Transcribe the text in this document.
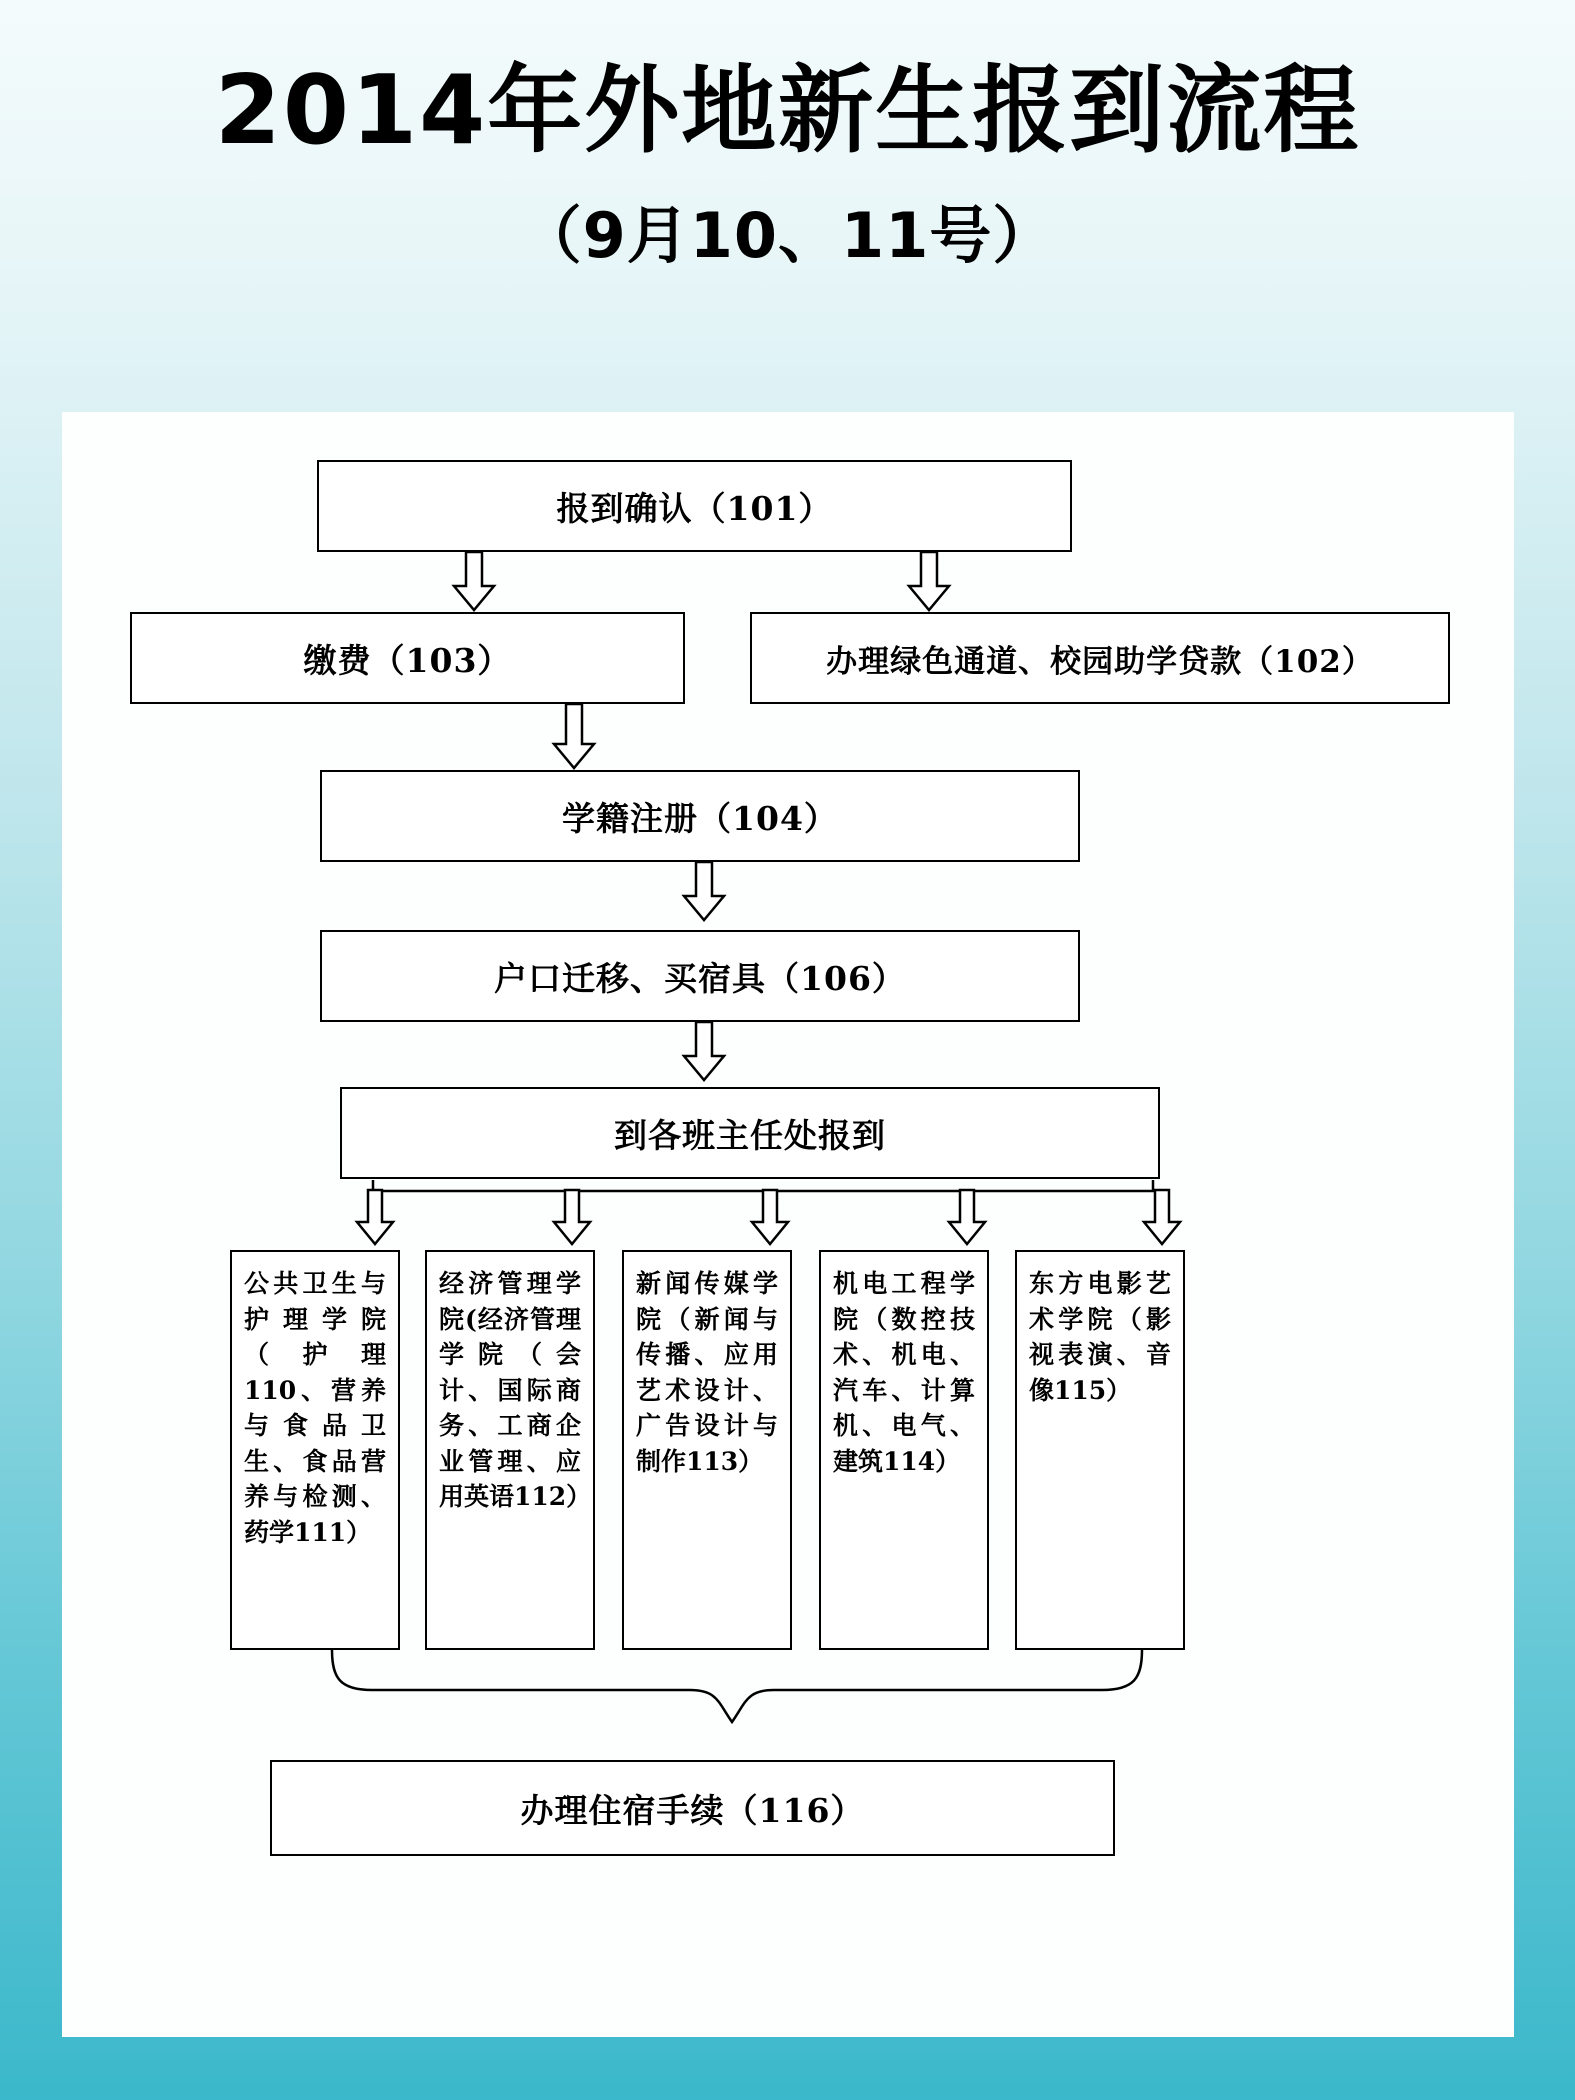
2014年外地新生报到流程
（9月10、11号）
报到确认（101）
缴费（103）	办理绿色通道、校园助学贷款（102）
学籍注册（104）
户口迁移、买宿具（106）
到各班主任处报到
公共卫生与护理学院（护理110、营养与食品卫生、食品营养与检测、药学111）
经济管理学院(经济管理学院（会计、国际商务、工商企业管理、应用英语112）
新闻传媒学院（新闻与传播、应用艺术设计、广告设计与制作113）
机电工程学院（数控技术、机电、汽车、计算机、电气、建筑114）
东方电影艺术学院（影视表演、音像115）
办理住宿手续（116）
